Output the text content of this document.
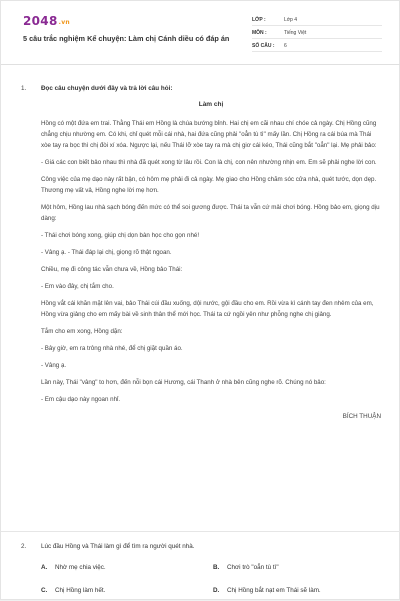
2048.vn
5 câu trắc nghiệm Kể chuyện: Làm chị Cánh diều có đáp án
LỚP :	Lớp 4
MÔN :	Tiếng Việt
SỐ CÂU :	6
1. Đọc câu chuyện dưới đây và trả lời câu hỏi:
Làm chị

Hồng có một đứa em trai. Thằng Thái em Hồng là chúa bướng bỉnh. Hai chị em cãi nhau chí chóe cả ngày. Chị Hồng cũng chẳng chịu nhường em. Có khi, chỉ quét mỗi cái nhà, hai đứa cũng phải "oẳn tù tì" mấy lần. Chị Hồng ra cái búa mà Thái xòe tay ra bọc thì chị đòi xí xóa. Ngược lại, nếu Thái lỡ xòe tay ra mà chị giơ cái kéo, Thái cũng bắt "oẳn" lại. Mẹ phải bảo:

- Giá các con biết bảo nhau thì nhà đã quét xong từ lâu rồi. Con là chị, con nên nhường nhịn em. Em sẽ phải nghe lời con.

Công việc của mẹ dạo này rất bận, có hôm mẹ phải đi cả ngày. Mẹ giao cho Hồng chăm sóc cửa nhà, quét tước, dọn dẹp. Thương mẹ vất vả, Hồng nghe lời mẹ hơn.

Một hôm, Hồng lau nhà sạch bóng đến mức có thể soi gương được. Thái ta vẫn cứ mải chơi bóng. Hồng bảo em, giọng dịu dàng:

- Thái chơi bóng xong, giúp chị dọn bàn học cho gọn nhé!

- Vâng ạ. - Thái đáp lại chị, giọng rõ thật ngoan.

Chiều, mẹ đi công tác vẫn chưa về, Hồng bảo Thái:

- Em vào đây, chị tắm cho.

Hồng vắt cái khăn mặt lên vai, bảo Thái cúi đầu xuống, dội nước, gội đầu cho em. Rồi vừa kì cánh tay đen nhẻm của em, Hồng vừa giảng cho em mấy bài về sinh thân thể mới học. Thái ta cứ ngồi yên như phỗng nghe chị giảng.

Tắm cho em xong, Hồng dặn:

- Bây giờ, em ra trông nhà nhé, để chị giặt quần áo.

- Vâng ạ.

Lần này, Thái "vâng" to hơn, đến nỗi bọn cái Hương, cái Thanh ở nhà bên cũng nghe rõ. Chúng nó bảo:

- Em cậu dạo này ngoan nhỉ.

BÍCH THUẬN
2. Lúc đầu Hồng và Thái làm gì để tìm ra người quét nhà.
A. Nhờ mẹ chia việc.	B. Chơi trò "oẳn tù tì"
C. Chị Hồng làm hết.	D. Chị Hồng bắt nạt em Thái sẽ làm.
